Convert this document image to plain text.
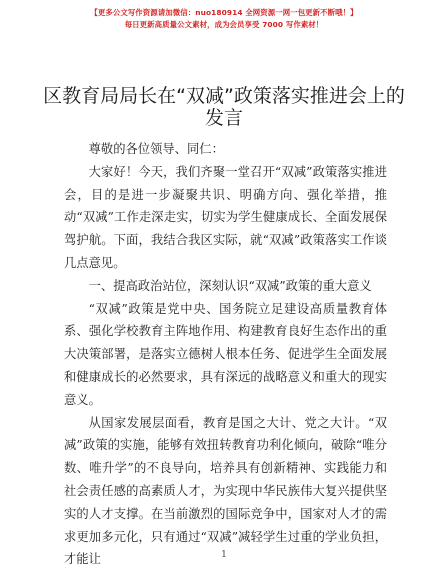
【更多公文写作资源请加微信：nuo180914 全网资源一网一包更新不断哦！】
每日更新高质量公文素材，成为会员享受 7000 写作素材！
区教育局局长在“双减”政策落实推进会上的
发言

尊敬的各位领导、同仁：

大家好！今天，我们齐聚一堂召开“双减”政策落实推进会，目的是进一步凝聚共识、明确方向、强化举措，推动“双减”工作走深走实，切实为学生健康成长、全面发展保驾护航。下面，我结合我区实际，就“双减”政策落实工作谈几点意见。

一、提高政治站位，深刻认识“双减”政策的重大意义

“双减”政策是党中央、国务院立足建设高质量教育体系、强化学校教育主阵地作用、构建教育良好生态作出的重大决策部署，是落实立德树人根本任务、促进学生全面发展和健康成长的必然要求，具有深远的战略意义和重大的现实意义。

从国家发展层面看，教育是国之大计、党之大计。“双减”政策的实施，能够有效扭转教育功利化倾向，破除“唯分数、唯升学”的不良导向，培养具有创新精神、实践能力和社会责任感的高素质人才，为实现中华民族伟大复兴提供坚实的人才支撑。在当前激烈的国际竞争中，国家对人才的需求更加多元化，只有通过“双减”减轻学生过重的学业负担，才能让	1
